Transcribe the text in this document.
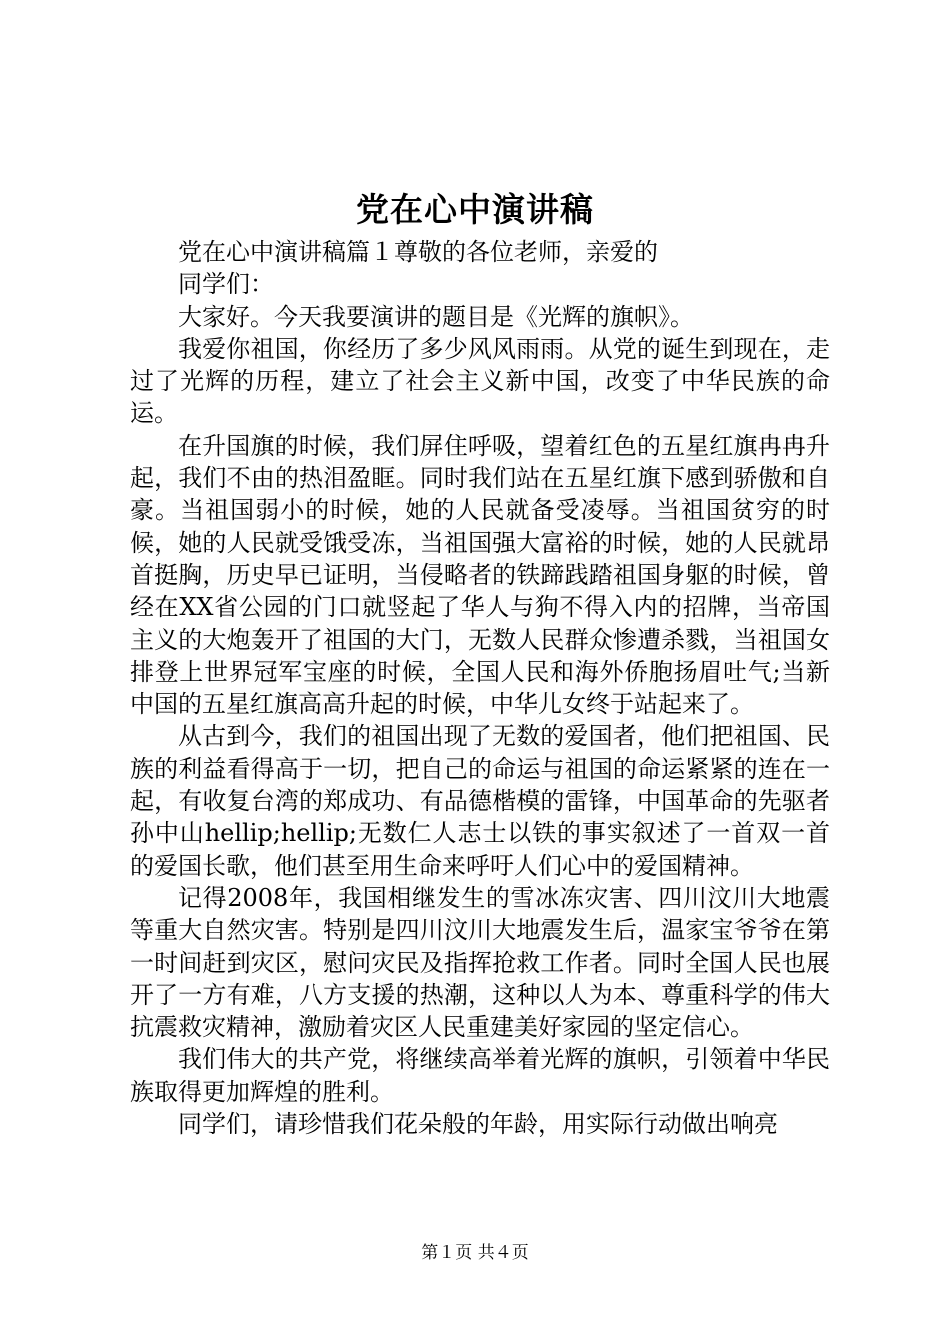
党在心中演讲稿

党在心中演讲稿篇１尊敬的各位老师，亲爱的

同学们：

大家好。今天我要演讲的题目是《光辉的旗帜》。

我爱你祖国，你经历了多少风风雨雨。从党的诞生到现在，走过了光辉的历程，建立了社会主义新中国，改变了中华民族的命运。

在升国旗的时候，我们屏住呼吸，望着红色的五星红旗冉冉升起，我们不由的热泪盈眶。同时我们站在五星红旗下感到骄傲和自豪。当祖国弱小的时候，她的人民就备受凌辱。当祖国贫穷的时候，她的人民就受饿受冻，当祖国强大富裕的时候，她的人民就昂首挺胸，历史早已证明，当侵略者的铁蹄践踏祖国身躯的时候，曾经在XX省公园的门口就竖起了华人与狗不得入内的招牌，当帝国主义的大炮轰开了祖国的大门，无数人民群众惨遭杀戮，当祖国女排登上世界冠军宝座的时候，全国人民和海外侨胞扬眉吐气;当新中国的五星红旗高高升起的时候，中华儿女终于站起来了。

从古到今，我们的祖国出现了无数的爱国者，他们把祖国、民族的利益看得高于一切，把自己的命运与祖国的命运紧紧的连在一起，有收复台湾的郑成功、有品德楷模的雷锋，中国革命的先驱者孙中山hellip;hellip;无数仁人志士以铁的事实叙述了一首双一首的爱国长歌，他们甚至用生命来呼吁人们心中的爱国精神。

记得2008年，我国相继发生的雪冰冻灾害、四川汶川大地震等重大自然灾害。特别是四川汶川大地震发生后，温家宝爷爷在第一时间赶到灾区，慰问灾民及指挥抢救工作者。同时全国人民也展开了一方有难，八方支援的热潮，这种以人为本、尊重科学的伟大抗震救灾精神，激励着灾区人民重建美好家园的坚定信心。

我们伟大的共产党，将继续高举着光辉的旗帜，引领着中华民族取得更加辉煌的胜利。

同学们，请珍惜我们花朵般的年龄，用实际行动做出响亮

第１页 共４页
